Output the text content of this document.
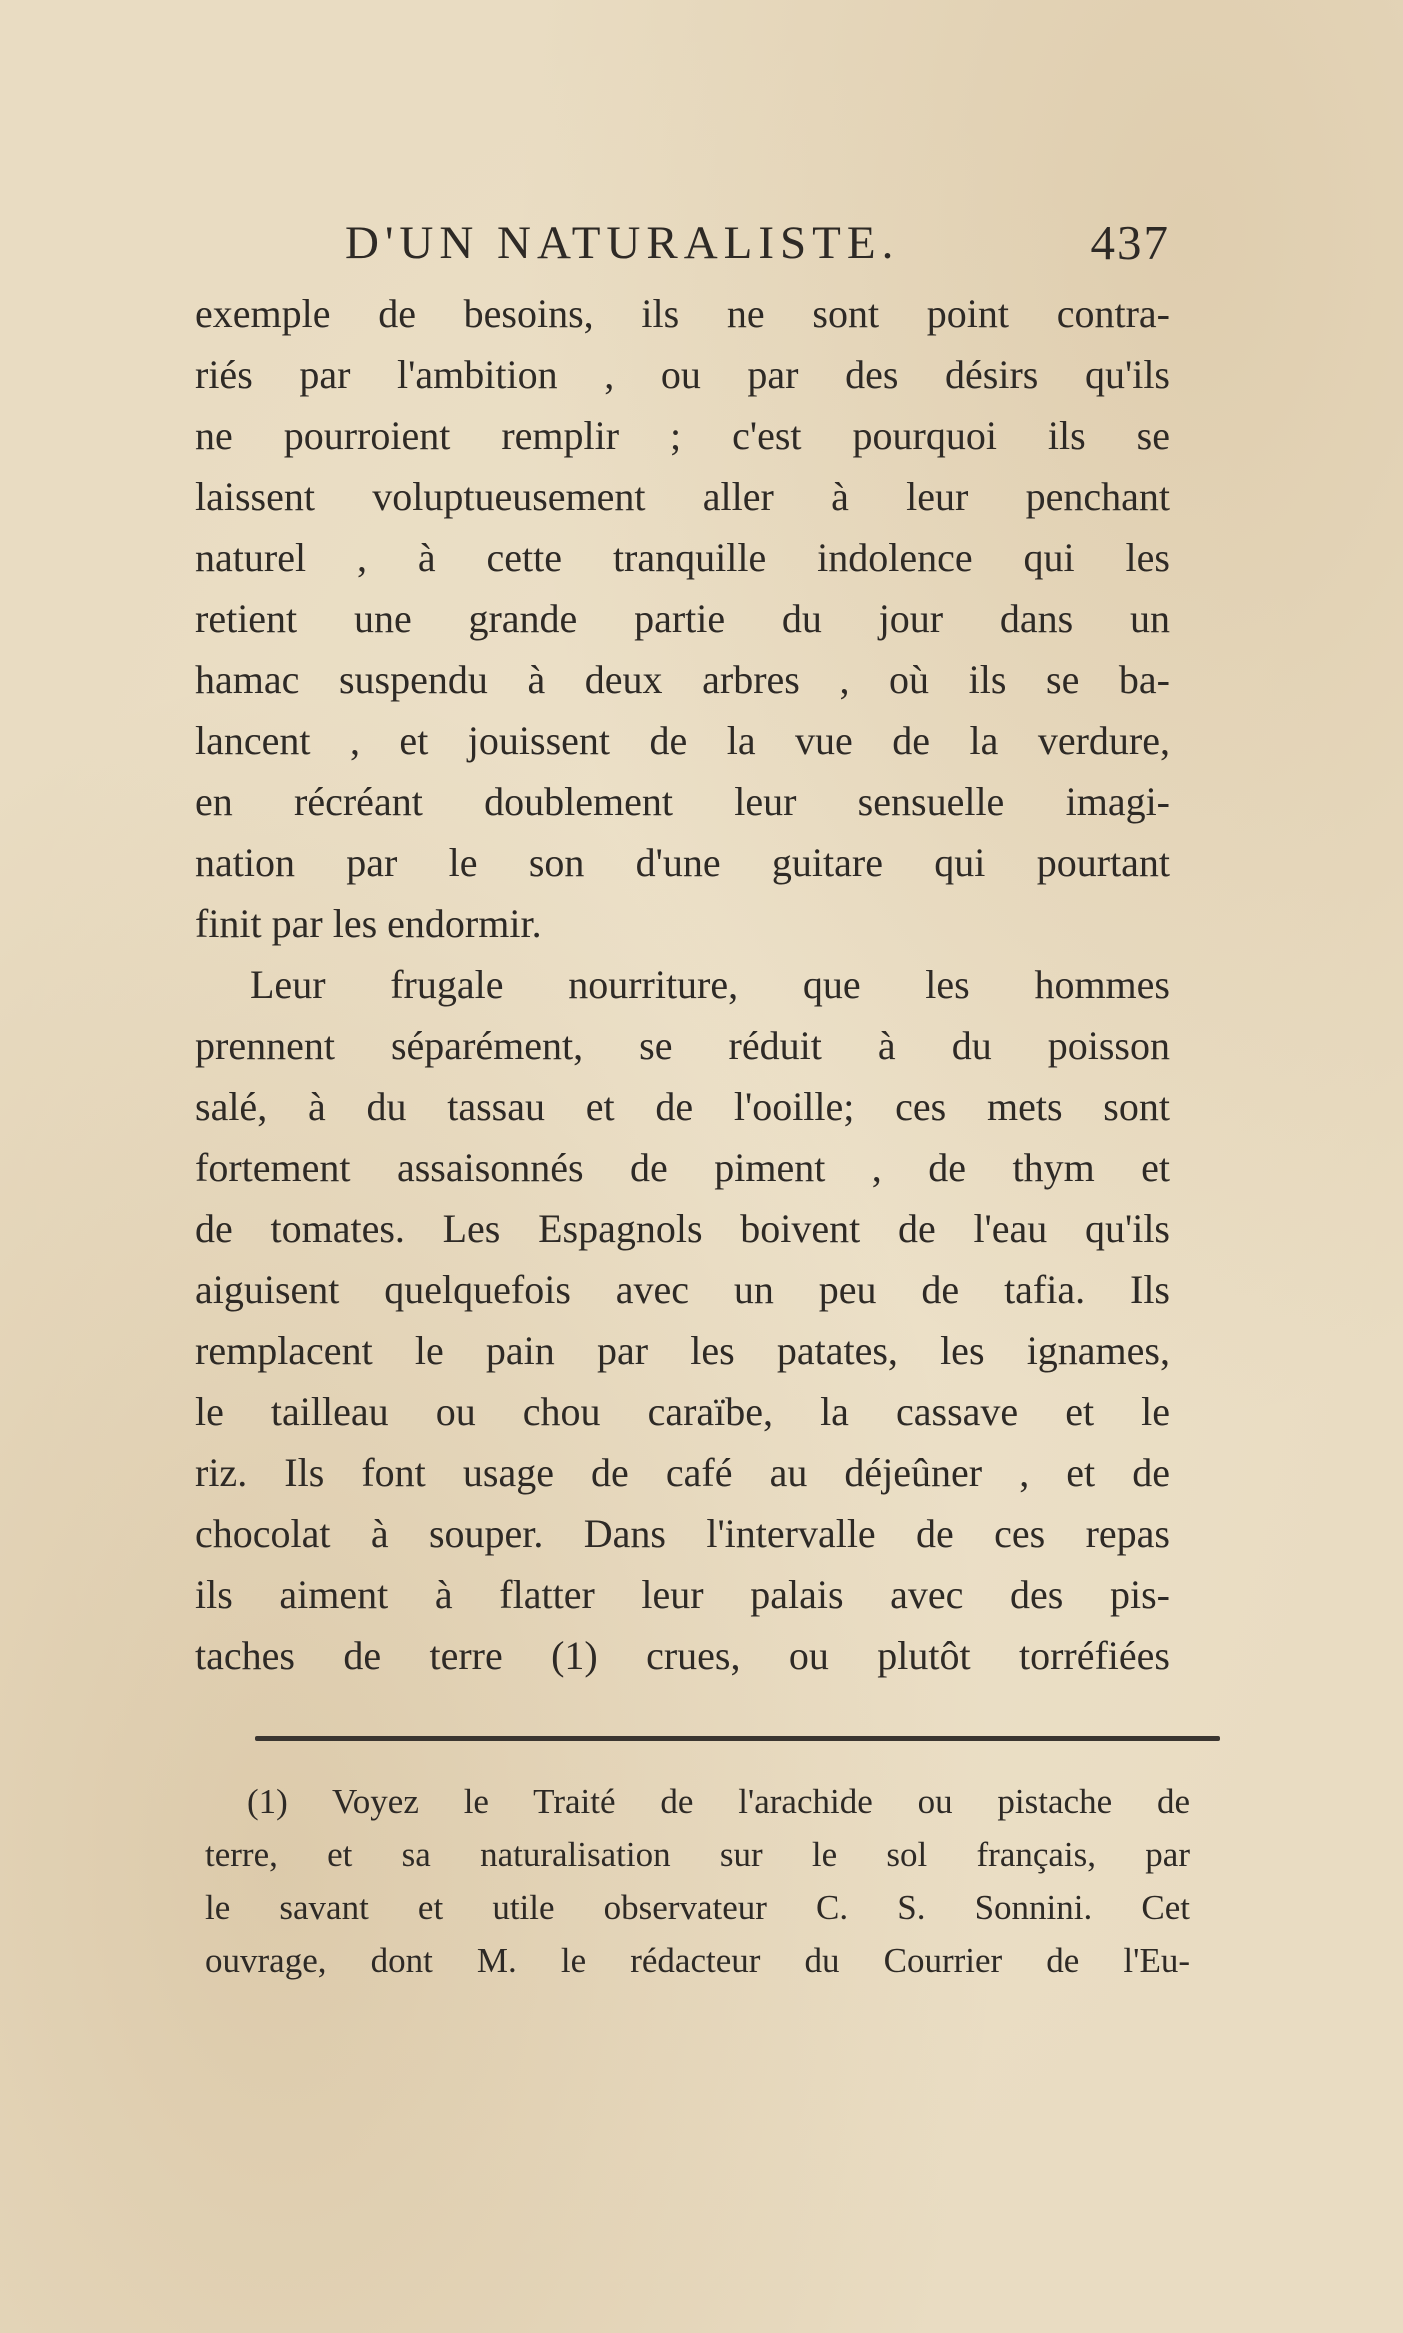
D'UN NATURALISTE.	437
exemple de besoins, ils ne sont point contra-
riés par l'ambition , ou par des désirs qu'ils
ne pourroient remplir ; c'est pourquoi ils se
laissent voluptueusement aller à leur penchant
naturel , à cette tranquille indolence qui les
retient une grande partie du jour dans un
hamac suspendu à deux arbres , où ils se ba-
lancent , et jouissent de la vue de la verdure,
en récréant doublement leur sensuelle imagi-
nation par le son d'une guitare qui pourtant
finit par les endormir.
Leur frugale nourriture, que les hommes
prennent séparément, se réduit à du poisson
salé, à du tassau et de l'ooille; ces mets sont
fortement assaisonnés de piment , de thym et
de tomates. Les Espagnols boivent de l'eau qu'ils
aiguisent quelquefois avec un peu de tafia. Ils
remplacent le pain par les patates, les ignames,
le tailleau ou chou caraïbe, la cassave et le
riz. Ils font usage de café au déjeûner , et de
chocolat à souper. Dans l'intervalle de ces repas
ils aiment à flatter leur palais avec des pis-
taches de terre (1) crues, ou plutôt torréfiées
(1) Voyez le Traité de l'arachide ou pistache de
terre, et sa naturalisation sur le sol français, par
le savant et utile observateur C. S. Sonnini. Cet
ouvrage, dont M. le rédacteur du Courrier de l'Eu-
